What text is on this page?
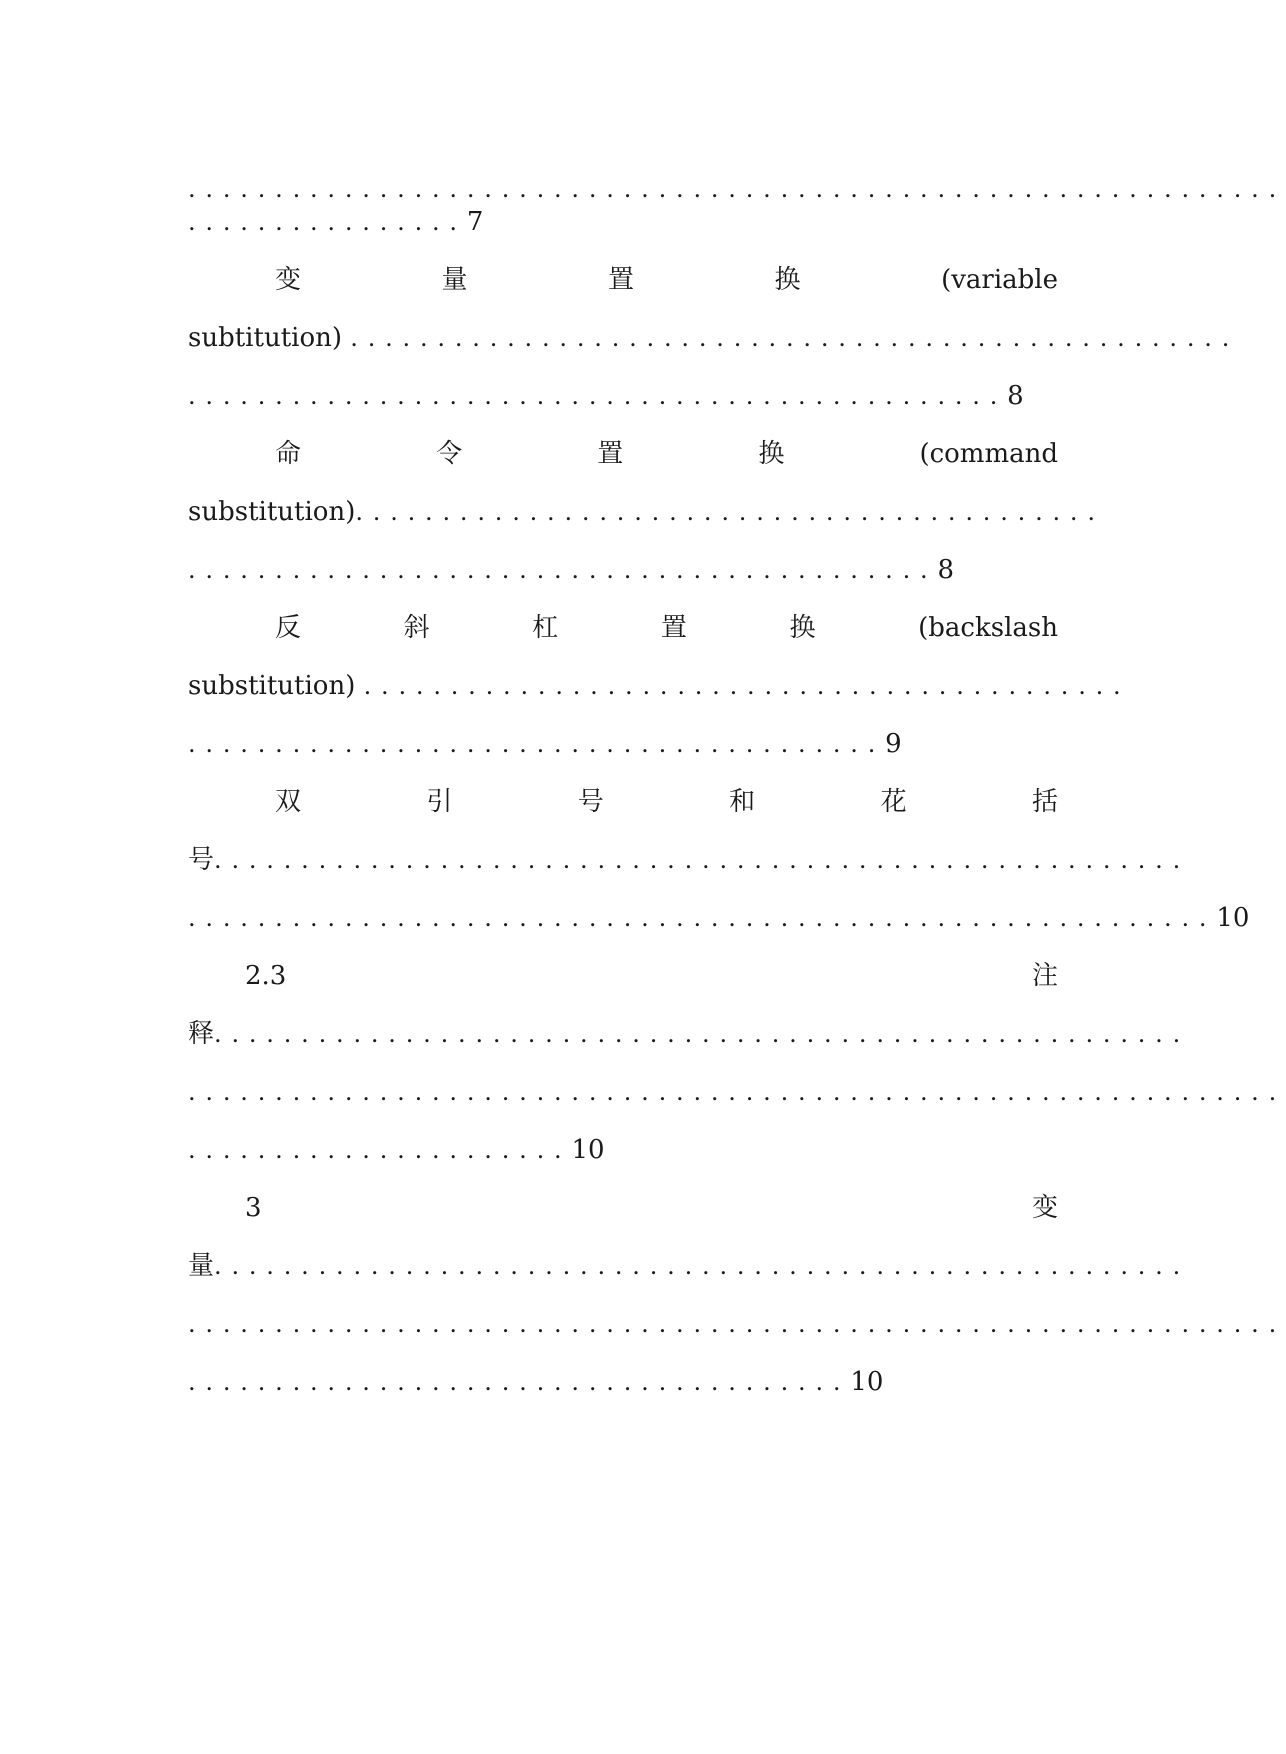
...............................................................
................7
变	量	置	换	(variable
subtitution) ...................................................
...............................................8
命	令	置	换	(command
substitution)...........................................
...........................................8
反	斜	杠	置	换	(backslash
substitution) ............................................
........................................9
双	引	号	和	花	括
号........................................................
...........................................................10
2.3	注
释........................................................
...............................................................
......................10
3	变
量........................................................
...............................................................
......................................10
